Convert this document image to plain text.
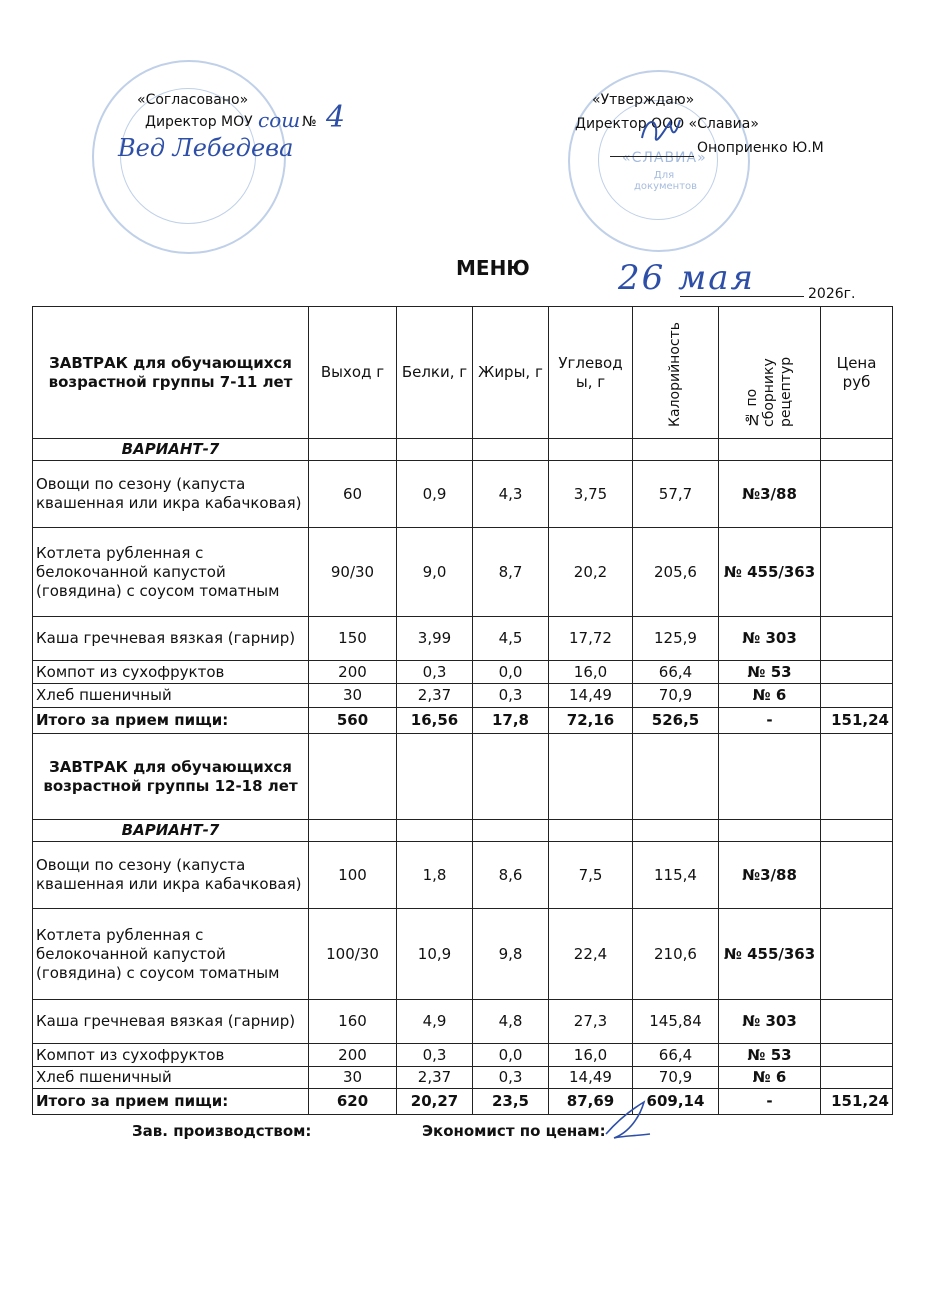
«СЛАВИА»
Для документов
«Согласовано»
Директор МОУ сош № 4
Вед Лебедева
«Утверждаю»
Директор ООО «Славиа»
Оноприенко Ю.М
МЕНЮ	26 мая	2026г.
ЗАВТРАК для обучающихся возрастной группы 7-11 лет	Выход г	Белки, г	Жиры, г	Углевод ы, г	Калорийность	№ по сборнику рецептур	Цена руб
ВАРИАНТ-7							
Овощи по сезону (капуста квашенная или икра кабачковая)	60	0,9	4,3	3,75	57,7	№3/88	
Котлета рубленная с белокочанной капустой (говядина) с соусом томатным	90/30	9,0	8,7	20,2	205,6	№ 455/363	
Каша гречневая вязкая (гарнир)	150	3,99	4,5	17,72	125,9	№ 303	
Компот из сухофруктов	200	0,3	0,0	16,0	66,4	№ 53	
Хлеб пшеничный	30	2,37	0,3	14,49	70,9	№ 6	
Итого за прием пищи:	560	16,56	17,8	72,16	526,5	-	151,24
ЗАВТРАК для обучающихся возрастной группы 12-18 лет							
ВАРИАНТ-7							
Овощи по сезону (капуста квашенная или икра кабачковая)	100	1,8	8,6	7,5	115,4	№3/88	
Котлета рубленная с белокочанной капустой (говядина) с соусом томатным	100/30	10,9	9,8	22,4	210,6	№ 455/363	
Каша гречневая вязкая (гарнир)	160	4,9	4,8	27,3	145,84	№ 303	
Компот из сухофруктов	200	0,3	0,0	16,0	66,4	№ 53	
Хлеб пшеничный	30	2,37	0,3	14,49	70,9	№ 6	
Итого за прием пищи:	620	20,27	23,5	87,69	609,14	-	151,24
Зав. производством:	Экономист по ценам:
